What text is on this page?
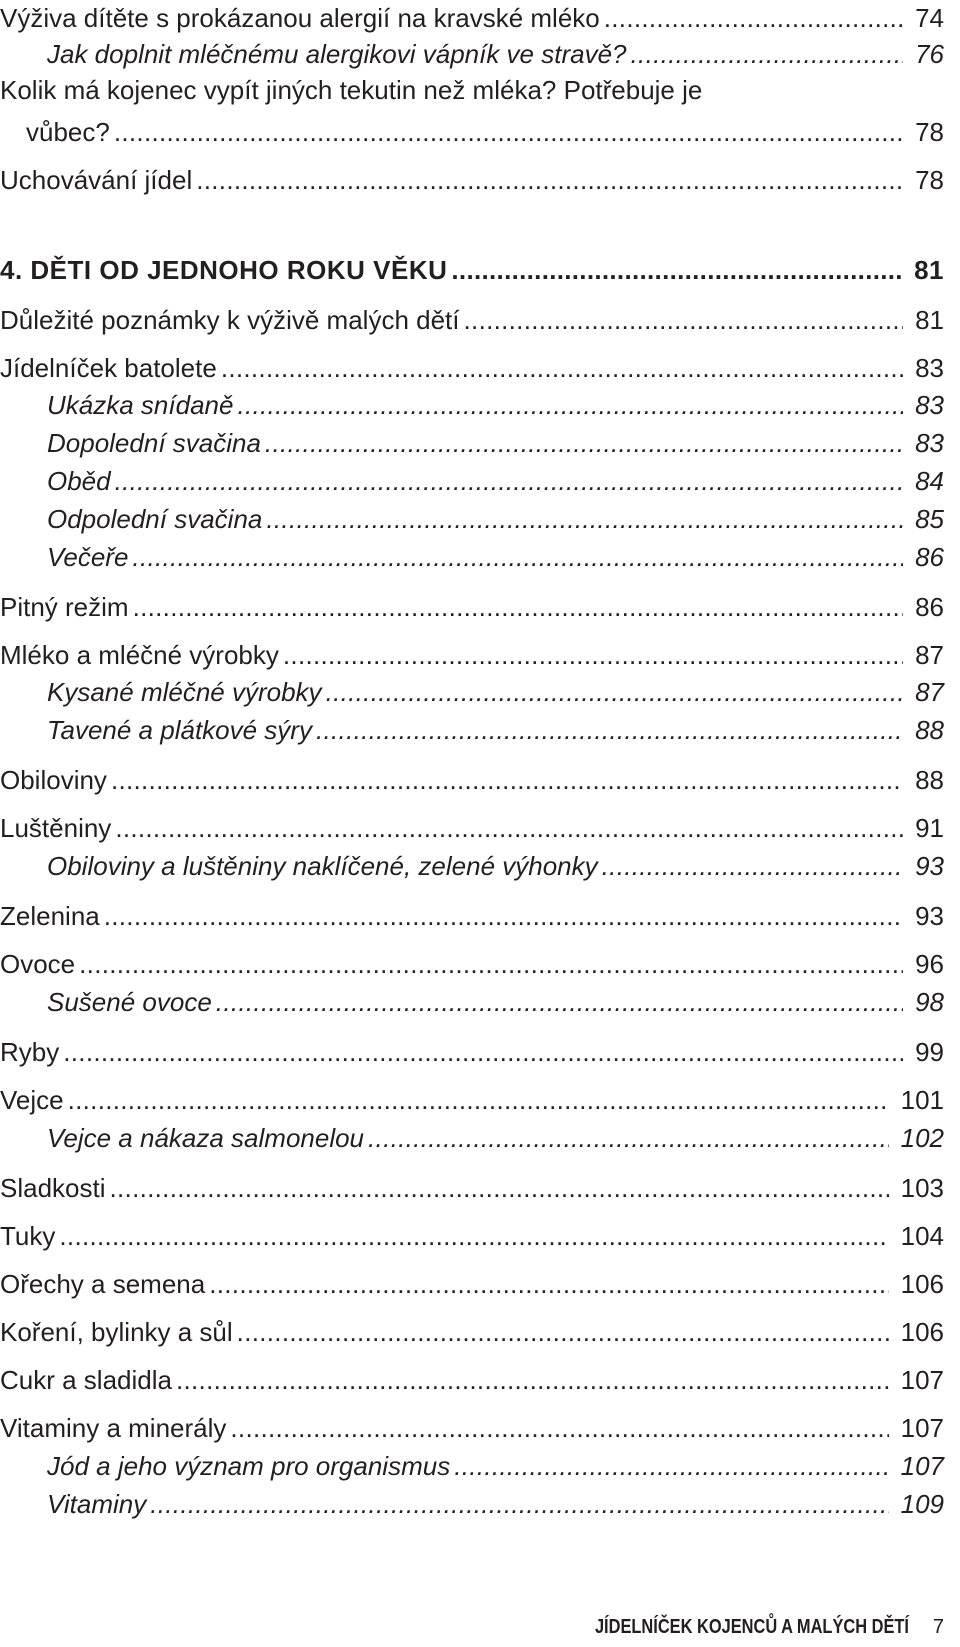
Výživa dítěte s prokázanou alergií na kravské mléko .....	74
Jak doplnit mléčnému alergikovi vápník ve stravě? .....	76
Kolik má kojenec vypít jiných tekutin než mléka? Potřebuje je
vůbec? .....	78
Uchovávání jídel .....	78
4. DĚTI OD JEDNOHO ROKU VĚKU .....	81
Důležité poznámky k výživě malých dětí .....	81
Jídelníček batolete .....	83
Ukázka snídaně .....	83
Dopolední svačina .....	83
Oběd .....	84
Odpolední svačina .....	85
Večeře .....	86
Pitný režim .....	86
Mléko a mléčné výrobky .....	87
Kysané mléčné výrobky .....	87
Tavené a plátkové sýry .....	88
Obiloviny .....	88
Luštěniny .....	91
Obiloviny a luštěniny naklíčené, zelené výhonky .....	93
Zelenina .....	93
Ovoce .....	96
Sušené ovoce .....	98
Ryby .....	99
Vejce .....	101
Vejce a nákaza salmonelou .....	102
Sladkosti .....	103
Tuky .....	104
Ořechy a semena .....	106
Koření, bylinky a sůl .....	106
Cukr a sladidla .....	107
Vitaminy a minerály .....	107
Jód a jeho význam pro organismus .....	107
Vitaminy .....	109
JÍDELNÍČEK KOJENCŮ A MALÝCH DĚTÍ 7
